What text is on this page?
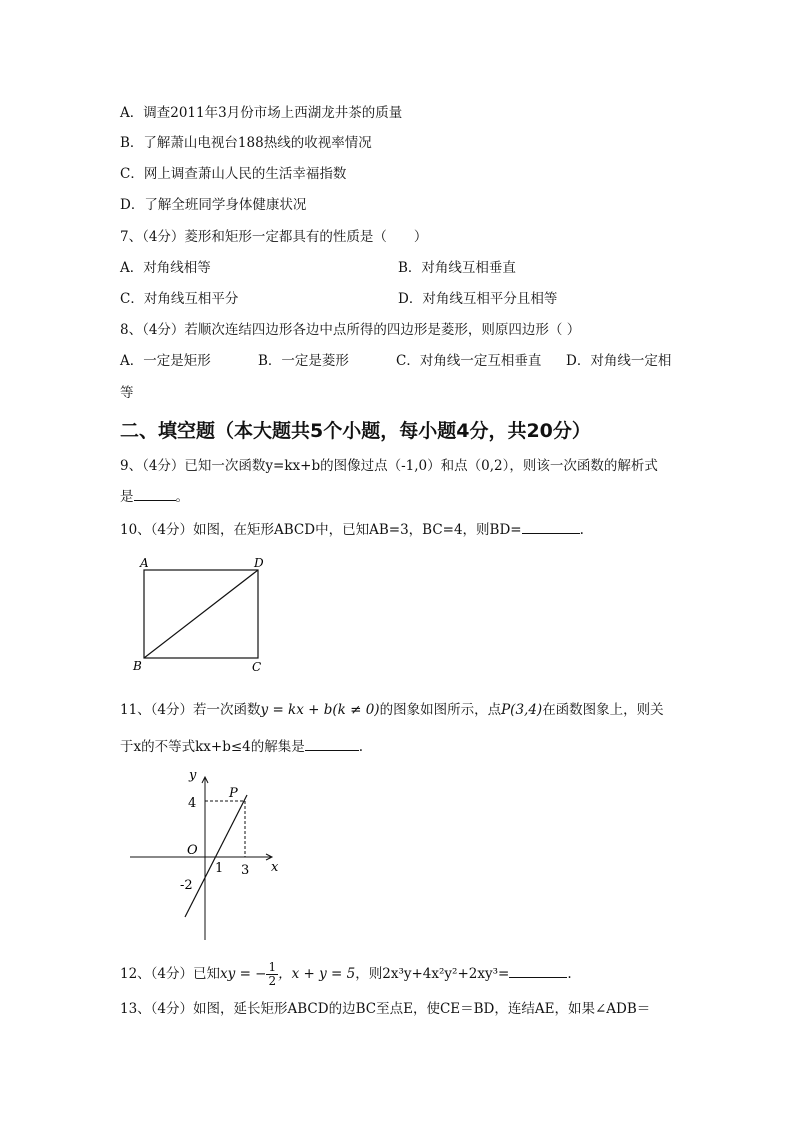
A．调查2011年3月份市场上西湖龙井茶的质量
B．了解萧山电视台188热线的收视率情况
C．网上调查萧山人民的生活幸福指数
D．了解全班同学身体健康状况
7、（4分）菱形和矩形一定都具有的性质是（　　）
A．对角线相等	B．对角线互相垂直
C．对角线互相平分	D．对角线互相平分且相等
8、（4分）若顺次连结四边形各边中点所得的四边形是菱形，则原四边形（ ）
A．一定是矩形	B．一定是菱形	C．对角线一定互相垂直 D．对角线一定相
等
二、填空题（本大题共5个小题，每小题4分，共20分）
9、（4分）已知一次函数y=kx+b的图像过点（-1,0）和点（0,2），则该一次函数的解析式
是	。
10、（4分）如图，在矩形ABCD中，已知AB=3，BC=4，则BD=	.
A	D
B	C
11、（4分）若一次函数y = kx + b(k ≠ 0)的图象如图所示，点P(3,4)在函数图象上，则关
于x的不等式kx+b≤4的解集是	.
y
x
P
O
4
3
1
-2
12、（4分）已知xy = − $\frac{1}{2}$ ，x + y = 5，则2x³y+4x²y²+2xy³=	.
13、（4分）如图，延长矩形ABCD的边BC至点E，使CE＝BD，连结AE，如果∠ADB＝
